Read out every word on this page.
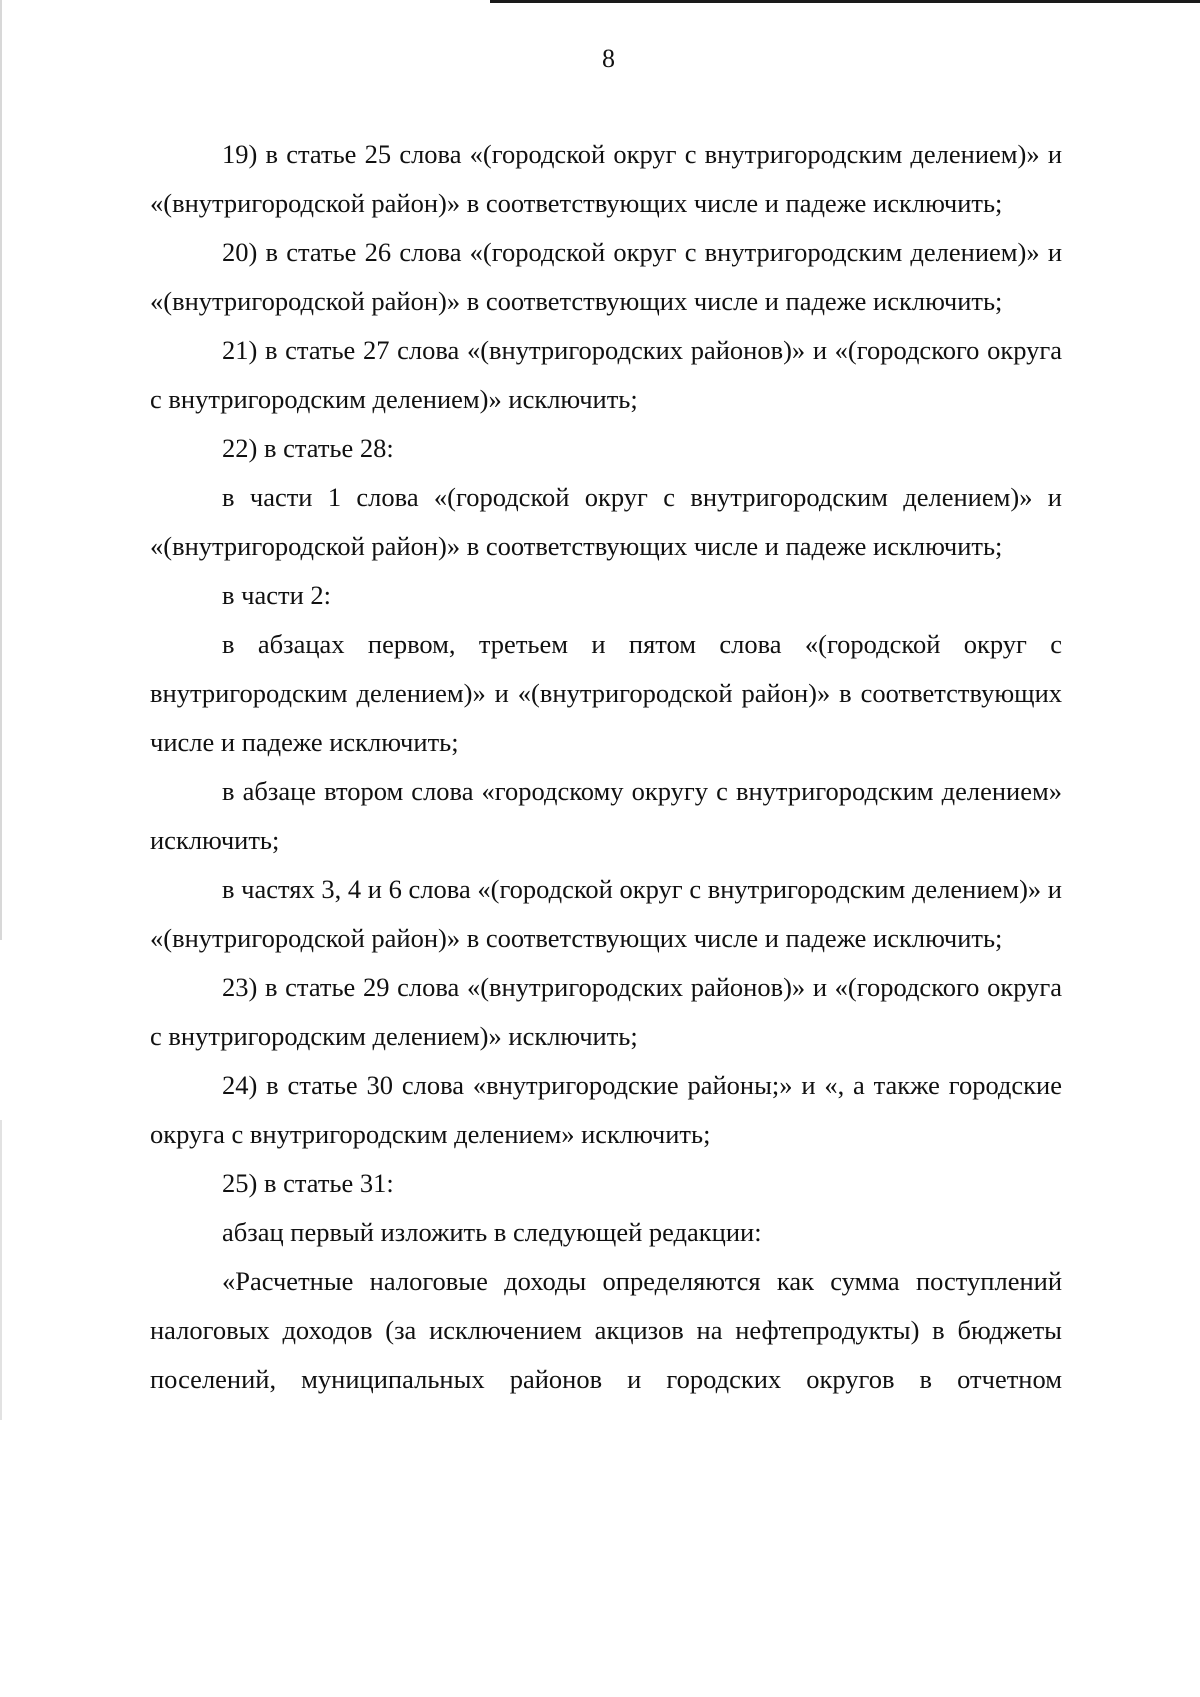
8

19) в статье 25 слова «(городской округ с внутригородским делением)» и «(внутригородской район)» в соответствующих числе и падеже исключить;

20) в статье 26 слова «(городской округ с внутригородским делением)» и «(внутригородской район)» в соответствующих числе и падеже исключить;

21) в статье 27 слова «(внутригородских районов)» и «(городского округа с внутригородским делением)» исключить;

22) в статье 28:

в части 1 слова «(городской округ с внутригородским делением)» и «(внутригородской район)» в соответствующих числе и падеже исключить;

в части 2:

в абзацах первом, третьем и пятом слова «(городской округ с внутригородским делением)» и «(внутригородской район)» в соответствующих числе и падеже исключить;

в абзаце втором слова «городскому округу с внутригородским делением» исключить;

в частях 3, 4 и 6 слова «(городской округ с внутригородским делением)» и «(внутригородской район)» в соответствующих числе и падеже исключить;

23) в статье 29 слова «(внутригородских районов)» и «(городского округа с внутригородским делением)» исключить;

24) в статье 30 слова «внутригородские районы;» и «, а также городские округа с внутригородским делением» исключить;

25) в статье 31:

абзац первый изложить в следующей редакции:

«Расчетные налоговые доходы определяются как сумма поступлений налоговых доходов (за исключением акцизов на нефтепродукты) в бюджеты поселений, муниципальных районов и городских округов в отчетном
